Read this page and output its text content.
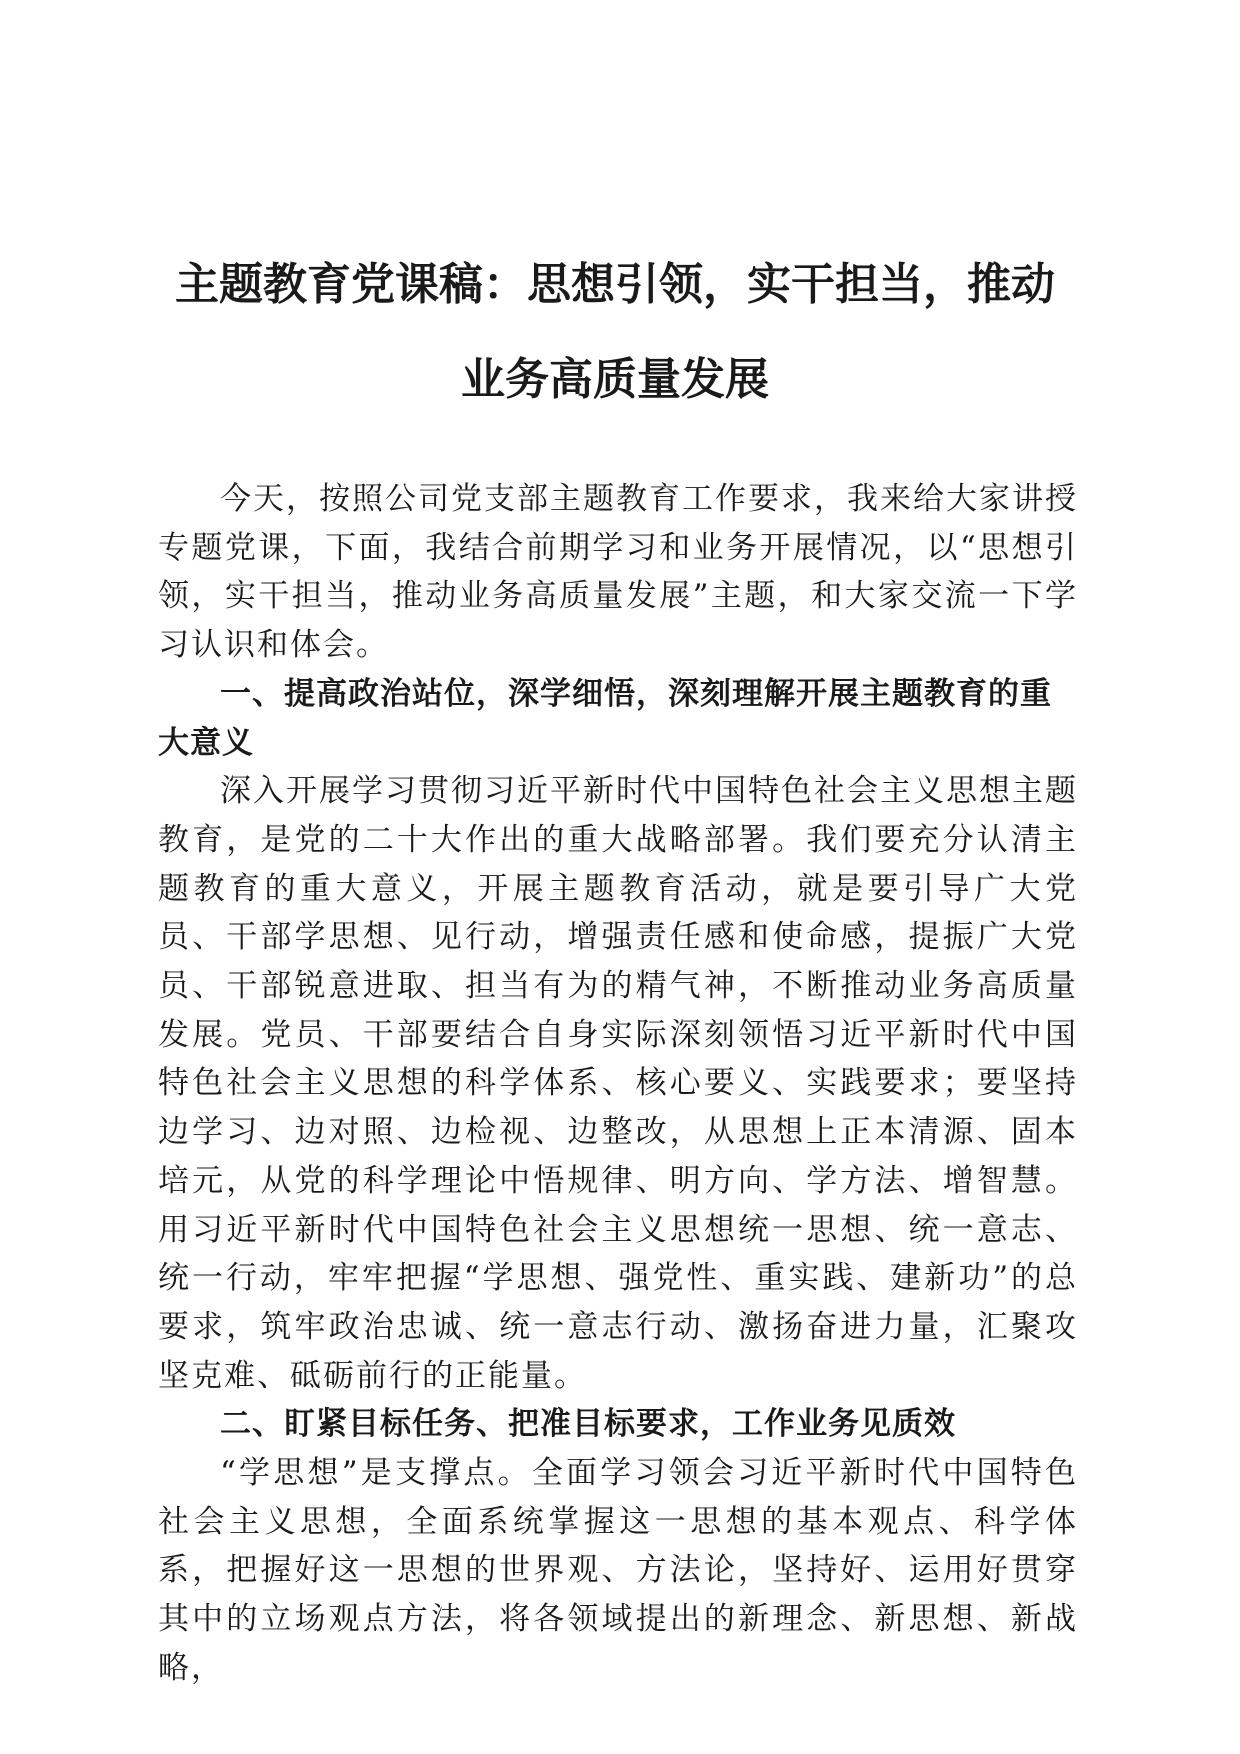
主题教育党课稿：思想引领，实干担当，推动
业务高质量发展

今天，按照公司党支部主题教育工作要求，我来给大家讲授专题党课，下面，我结合前期学习和业务开展情况，以“思想引领，实干担当，推动业务高质量发展”主题，和大家交流一下学习认识和体会。

一、提高政治站位，深学细悟，深刻理解开展主题教育的重大意义

深入开展学习贯彻习近平新时代中国特色社会主义思想主题教育，是党的二十大作出的重大战略部署。我们要充分认清主题教育的重大意义，开展主题教育活动，就是要引导广大党员、干部学思想、见行动，增强责任感和使命感，提振广大党员、干部锐意进取、担当有为的精气神，不断推动业务高质量发展。党员、干部要结合自身实际深刻领悟习近平新时代中国特色社会主义思想的科学体系、核心要义、实践要求；要坚持边学习、边对照、边检视、边整改，从思想上正本清源、固本培元，从党的科学理论中悟规律、明方向、学方法、增智慧。用习近平新时代中国特色社会主义思想统一思想、统一意志、统一行动，牢牢把握“学思想、强党性、重实践、建新功”的总要求，筑牢政治忠诚、统一意志行动、激扬奋进力量，汇聚攻坚克难、砥砺前行的正能量。

二、盯紧目标任务、把准目标要求，工作业务见质效

“学思想”是支撑点。全面学习领会习近平新时代中国特色社会主义思想，全面系统掌握这一思想的基本观点、科学体系，把握好这一思想的世界观、方法论，坚持好、运用好贯穿其中的立场观点方法，将各领域提出的新理念、新思想、新战略，
